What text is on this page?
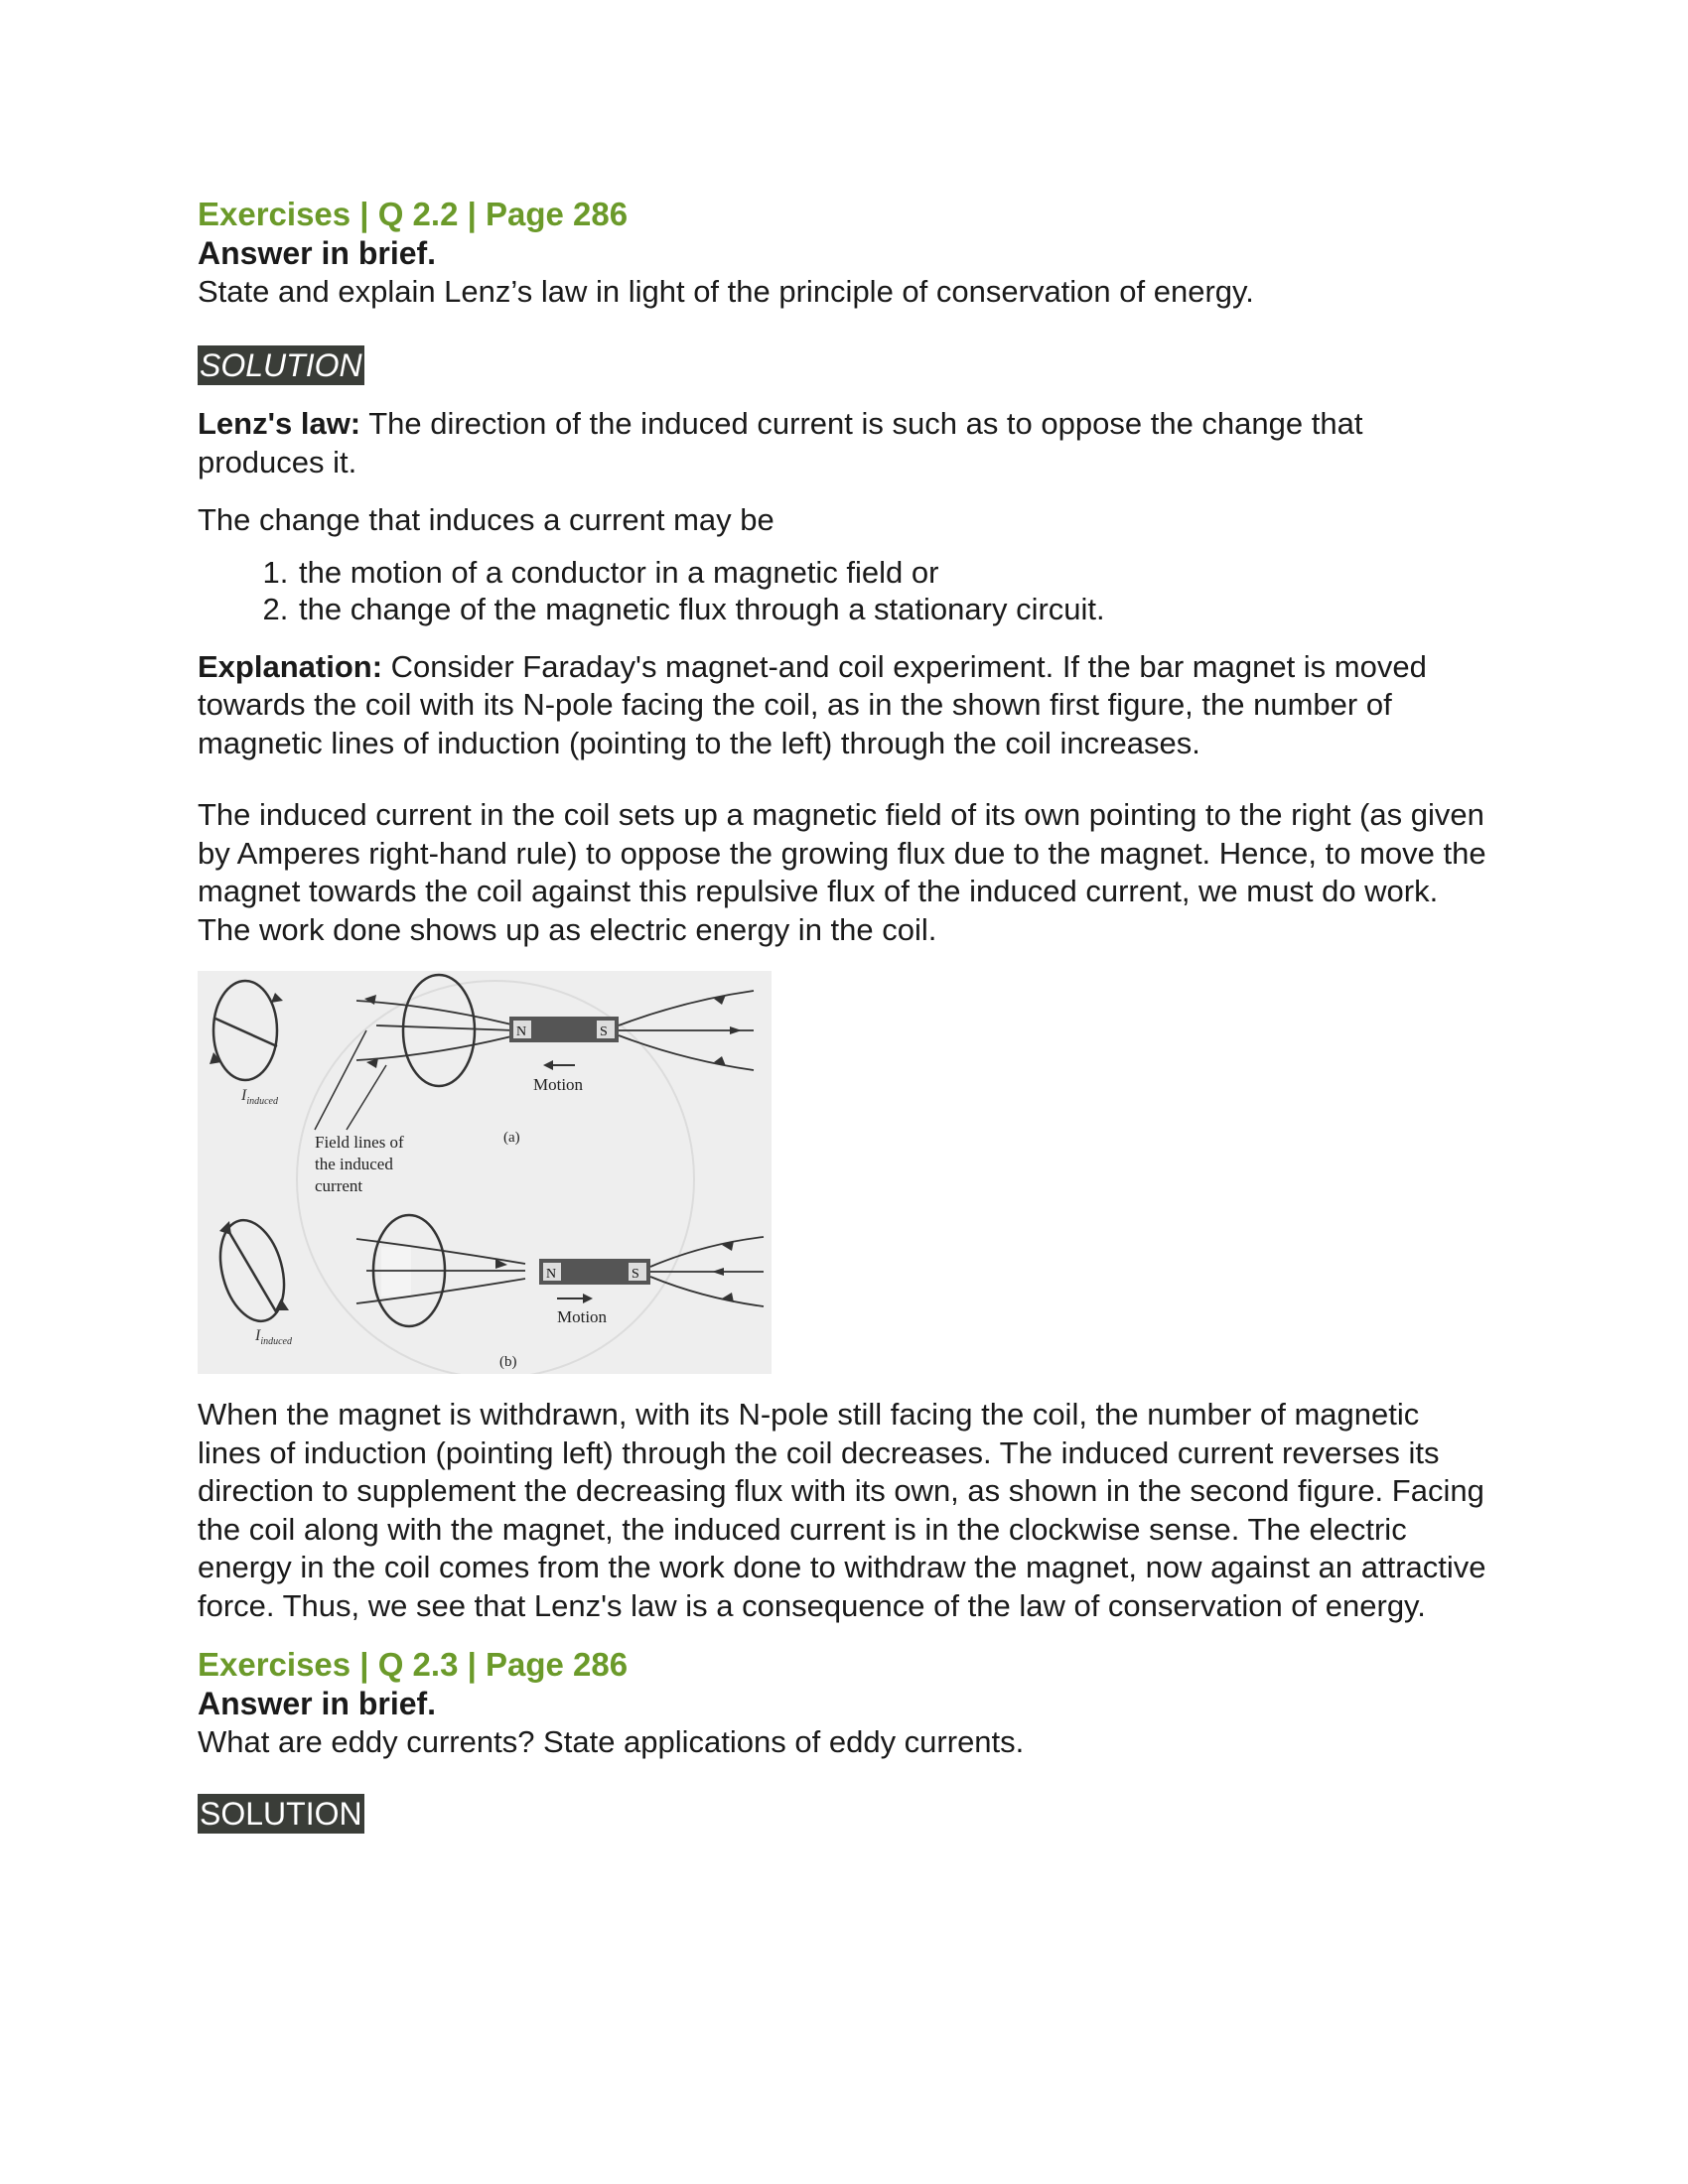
Exercises | Q 2.2 | Page 286

Answer in brief.

State and explain Lenz’s law in light of the principle of conservation of energy.

SOLUTION

Lenz's law: The direction of the induced current is such as to oppose the change that produces it.

The change that induces a current may be

1. the motion of a conductor in a magnetic field or
2. the change of the magnetic flux through a stationary circuit.

Explanation: Consider Faraday's magnet-and coil experiment. If the bar magnet is moved towards the coil with its N-pole facing the coil, as in the shown first figure, the number of magnetic lines of induction (pointing to the left) through the coil increases.

The induced current in the coil sets up a magnetic field of its own pointing to the right (as given by Amperes right-hand rule) to oppose the growing flux due to the magnet. Hence, to move the magnet towards the coil against this repulsive flux of the induced current, we must do work. The work done shows up as electric energy in the coil.

$I_{induced}$
N	S
Motion
(a)
Field lines of
the induced
current
$I_{induced}$
N	S
Motion
(b)

When the magnet is withdrawn, with its N-pole still facing the coil, the number of magnetic lines of induction (pointing left) through the coil decreases. The induced current reverses its direction to supplement the decreasing flux with its own, as shown in the second figure. Facing the coil along with the magnet, the induced current is in the clockwise sense. The electric energy in the coil comes from the work done to withdraw the magnet, now against an attractive force. Thus, we see that Lenz's law is a consequence of the law of conservation of energy.

Exercises | Q 2.3 | Page 286

Answer in brief.

What are eddy currents? State applications of eddy currents.

SOLUTION
